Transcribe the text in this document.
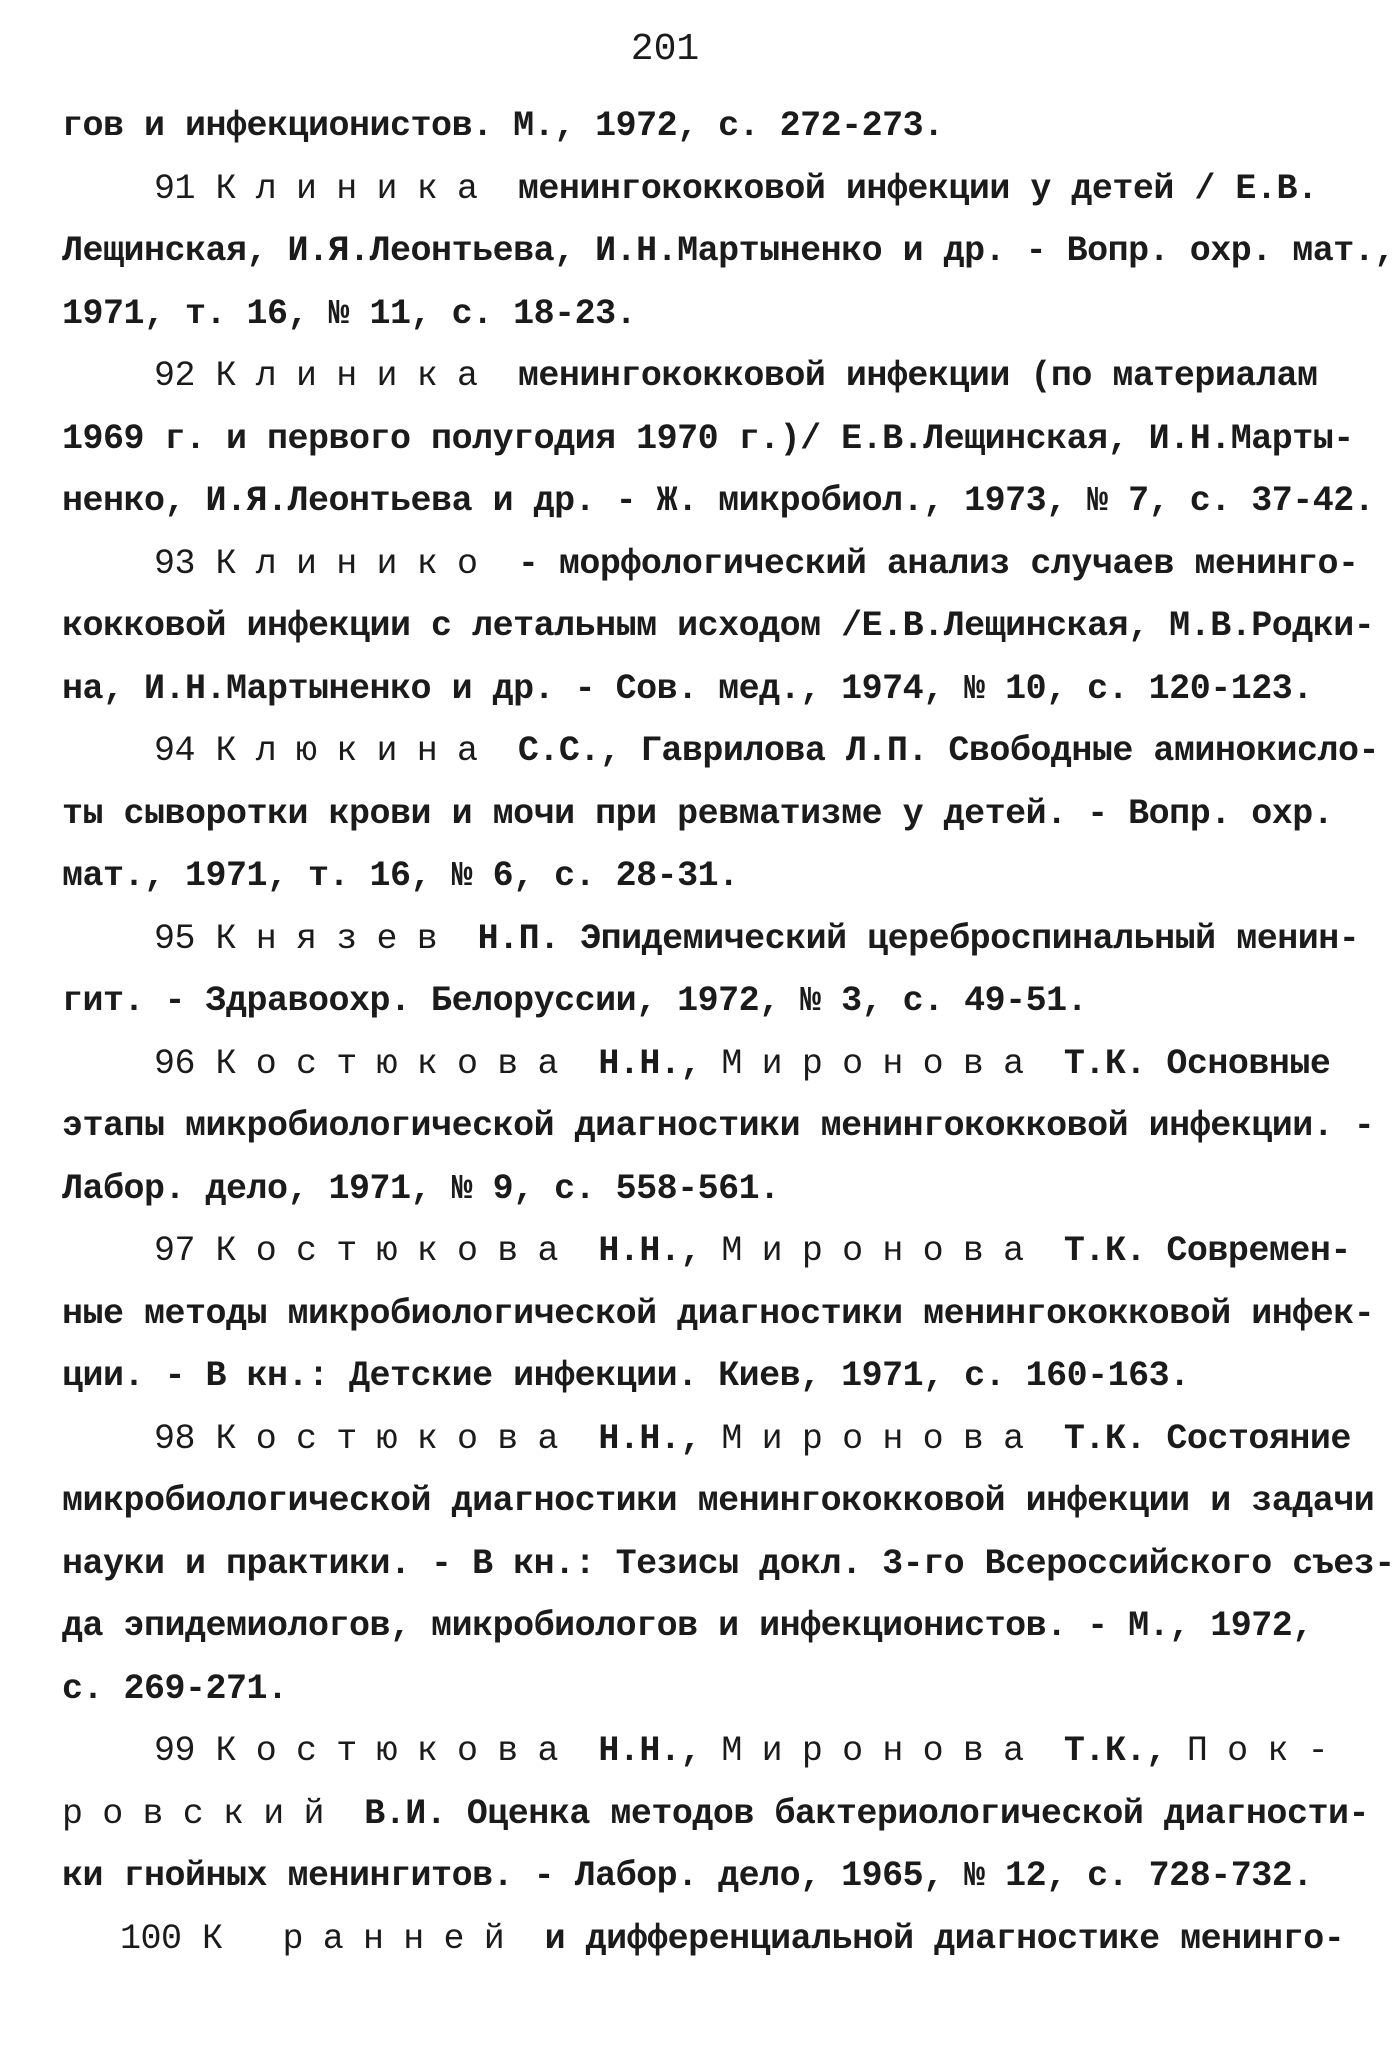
201
гов и инфекционистов. М., 1972, с. 272-273.
91 Клиника менингококковой инфекции у детей / Е.В.
Лещинская, И.Я.Леонтьева, И.Н.Мартыненко и др. - Вопр. охр. мат.,
1971, т. 16, № 11, с. 18-23.
92 Клиника менингококковой инфекции (по материалам
1969 г. и первого полугодия 1970 г.)/ Е.В.Лещинская, И.Н.Марты-
ненко, И.Я.Леонтьева и др. - Ж. микробиол., 1973, № 7, с. 37-42.
93 Клинико - морфологический анализ случаев менинго-
кокковой инфекции с летальным исходом /Е.В.Лещинская, М.В.Родки-
на, И.Н.Мартыненко и др. - Сов. мед., 1974, № 10, с. 120-123.
94 Клюкина С.С., Гаврилова Л.П. Свободные аминокисло-
ты сыворотки крови и мочи при ревматизме у детей. - Вопр. охр.
мат., 1971, т. 16, № 6, с. 28-31.
95 Князев Н.П. Эпидемический цереброспинальный менин-
гит. - Здравоохр. Белоруссии, 1972, № 3, с. 49-51.
96 Костюкова Н.Н., Миронова Т.К. Основные
этапы микробиологической диагностики менингококковой инфекции. -
Лабор. дело, 1971, № 9, с. 558-561.
97 Костюкова Н.Н., Миронова Т.К. Современ-
ные методы микробиологической диагностики менингококковой инфек-
ции. - В кн.: Детские инфекции. Киев, 1971, с. 160-163.
98 Костюкова Н.Н., Миронова Т.К. Состояние
микробиологической диагностики менингококковой инфекции и задачи
науки и практики. - В кн.: Тезисы докл. 3-го Всероссийского съез-
да эпидемиологов, микробиологов и инфекционистов. - М., 1972,
с. 269-271.
99 Костюкова Н.Н., Миронова Т.К., Пок-
ровский В.И. Оценка методов бактериологической диагности-
ки гнойных менингитов. - Лабор. дело, 1965, № 12, с. 728-732.
100 К ранней и дифференциальной диагностике менинго-
